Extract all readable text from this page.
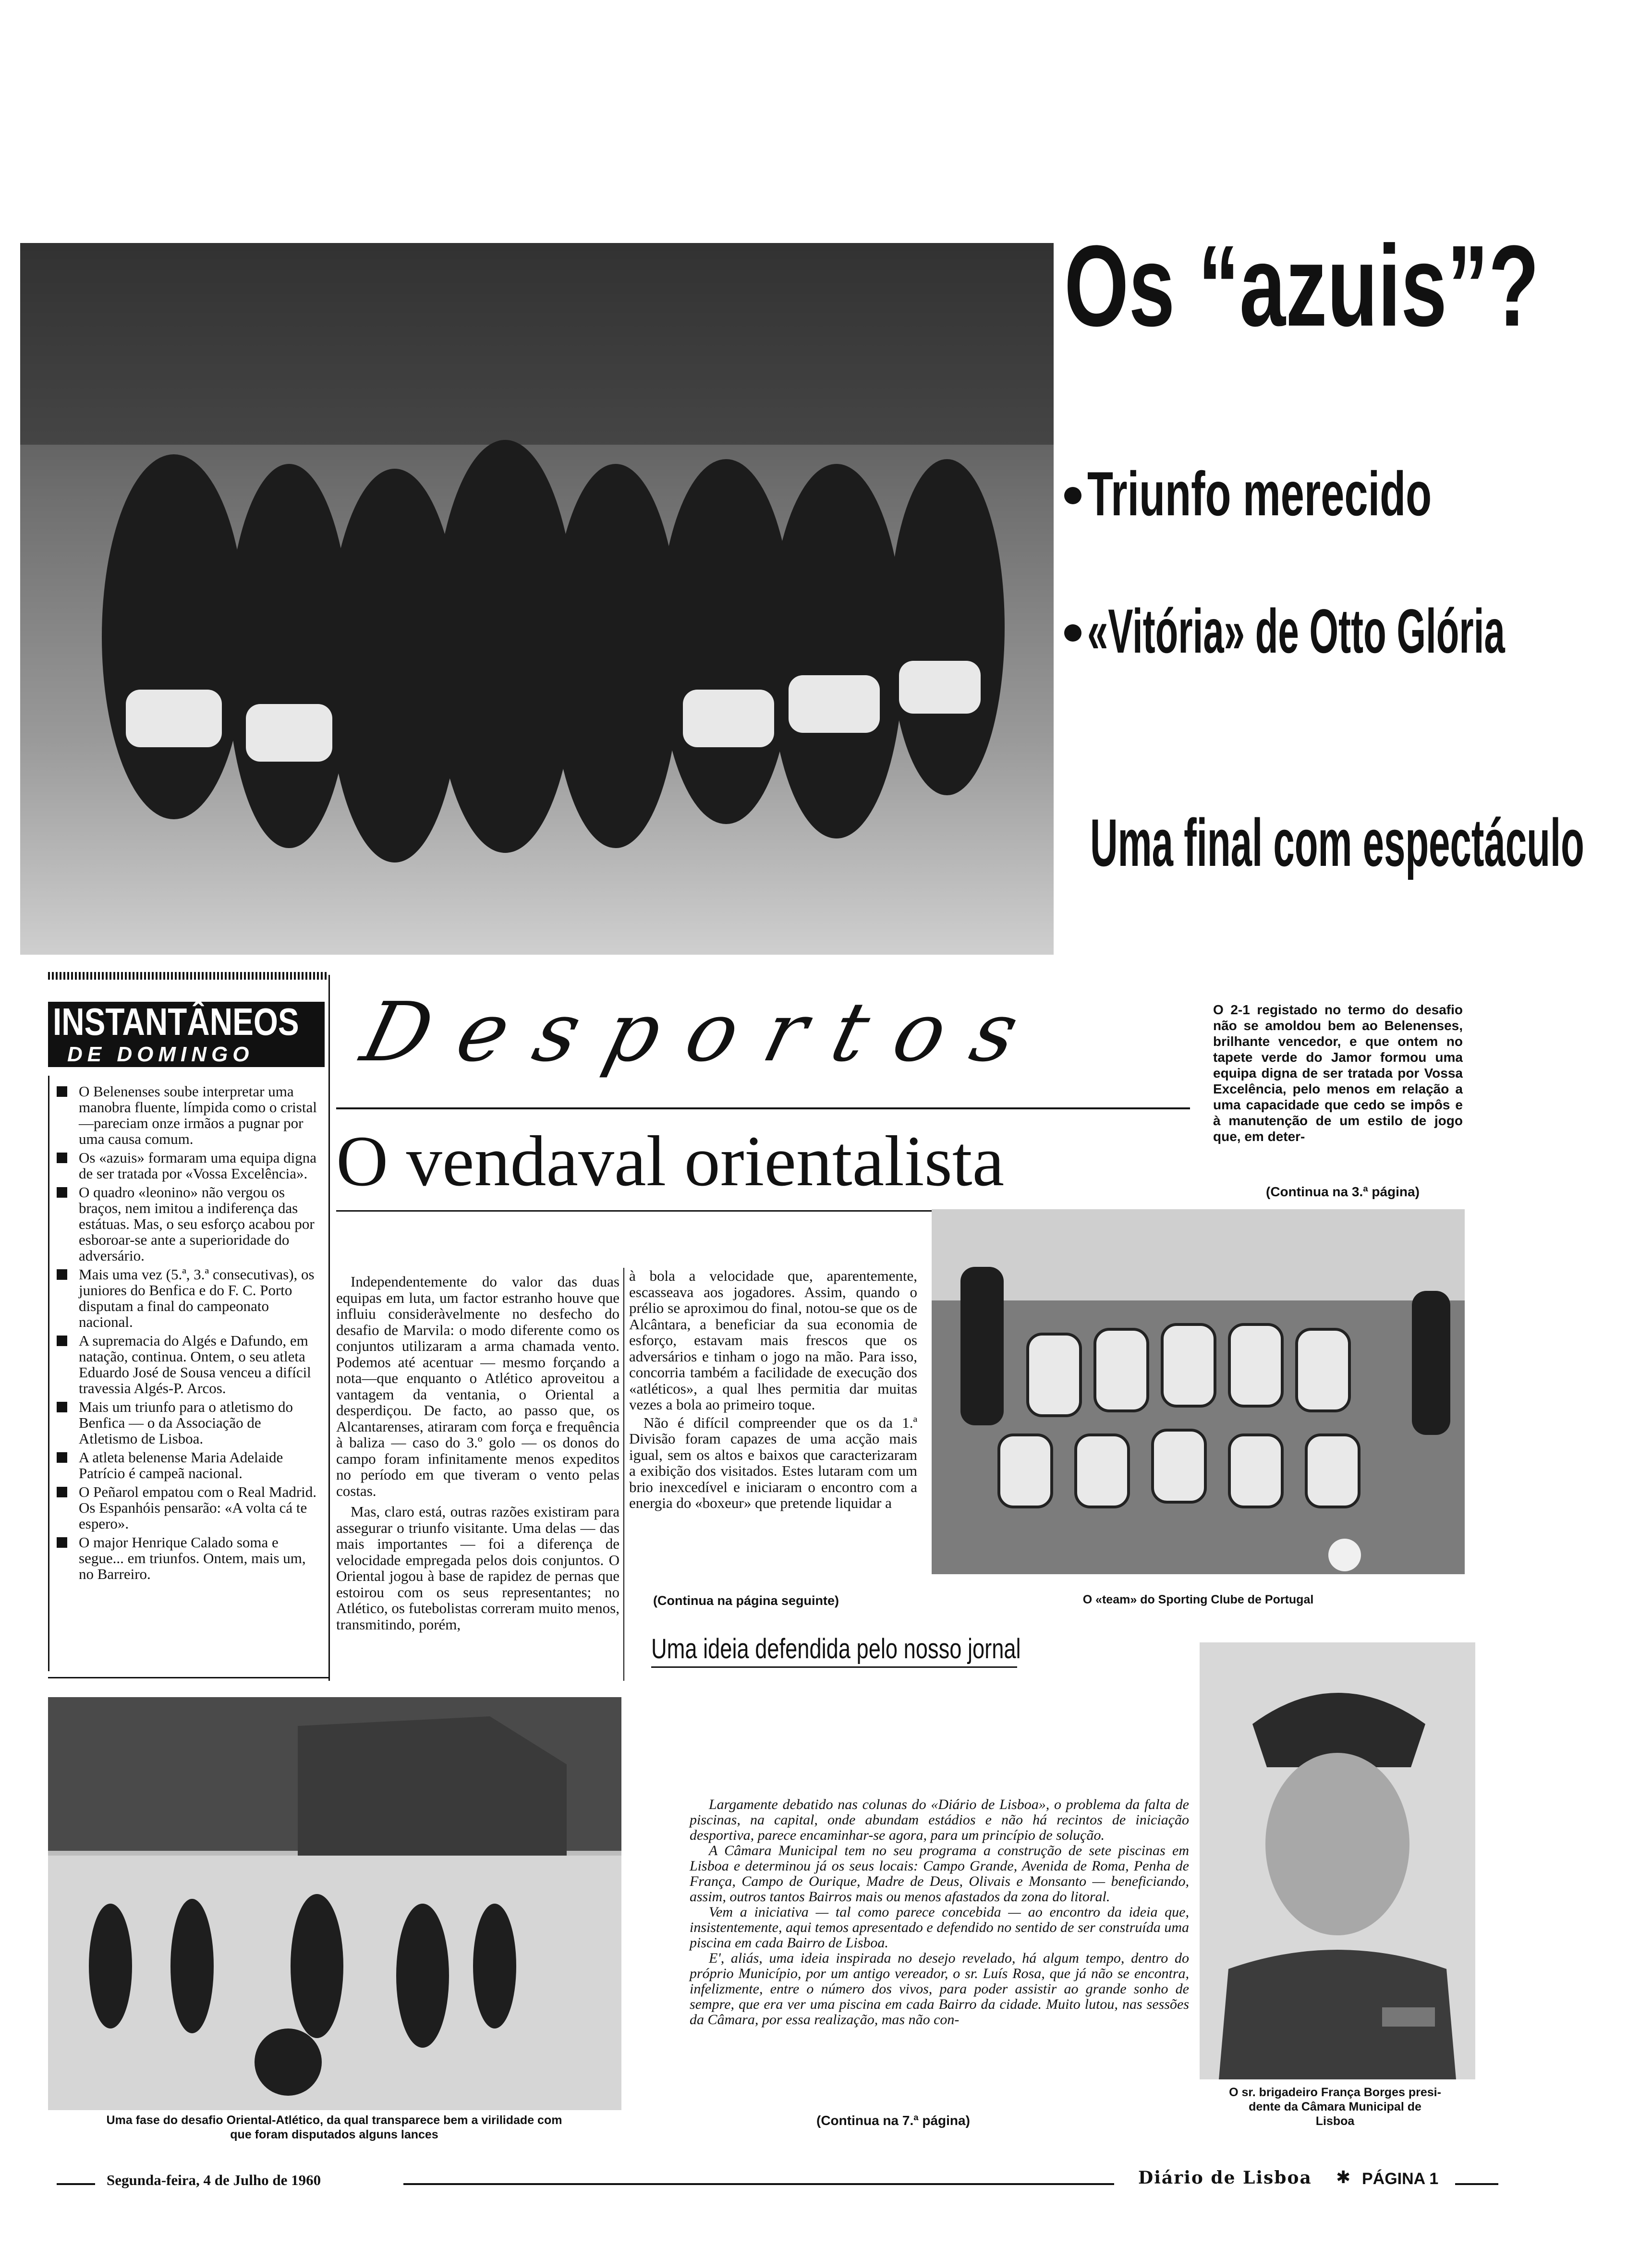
Os “azuis”?
Triunfo merecido
«Vitória» de Otto Glória
Uma final com espectáculo
INSTANTÂNEOS
DE DOMINGO
O Belenenses soube interpretar uma manobra fluente, límpida como o cristal—pareciam onze irmãos a pugnar por uma causa comum.
Os «azuis» formaram uma equipa digna de ser tratada por «Vossa Excelência».
O quadro «leonino» não vergou os braços, nem imitou a indiferença das estátuas. Mas, o seu esforço acabou por esboroar-se ante a superioridade do adversário.
Mais uma vez (5.ª, 3.ª consecutivas), os juniores do Benfica e do F. C. Porto disputam a final do campeonato nacional.
A supremacia do Algés e Dafundo, em natação, continua. Ontem, o seu atleta Eduardo José de Sousa venceu a difícil travessia Algés-P. Arcos.
Mais um triunfo para o atletismo do Benfica — o da Associação de Atletismo de Lisboa.
A atleta belenense Maria Adelaide Patrício é campeã nacional.
O Peñarol empatou com o Real Madrid. Os Espanhóis pensarão: «A volta cá te espero».
O major Henrique Calado soma e segue... em triunfos. Ontem, mais um, no Barreiro.
Desportos
O vendaval orientalista

Independentemente do valor das duas equipas em luta, um factor estranho houve que influiu consideràvelmente no desfecho do desafio de Marvila: o modo diferente como os conjuntos utilizaram a arma chamada vento. Podemos até acentuar — mesmo forçando a nota—que enquanto o Atlético aproveitou a vantagem da ventania, o Oriental a desperdiçou. De facto, ao passo que, os Alcantarenses, atiraram com força e frequência à baliza — caso do 3.º golo — os donos do campo foram infinitamente menos expeditos no período em que tiveram o vento pelas costas.

Mas, claro está, outras razões existiram para assegurar o triunfo visitante. Uma delas — das mais importantes — foi a diferença de velocidade empregada pelos dois conjuntos. O Oriental jogou à base de rapidez de pernas que estoirou com os seus representantes; no Atlético, os futebolistas correram muito menos, transmitindo, porém,

à bola a velocidade que, aparentemente, escasseava aos jogadores. Assim, quando o prélio se aproximou do final, notou-se que os de Alcântara, a beneficiar da sua economia de esforço, estavam mais frescos que os adversários e tinham o jogo na mão. Para isso, concorria também a facilidade de execução dos «atléticos», a qual lhes permitia dar muitas vezes a bola ao primeiro toque.

Não é difícil compreender que os da 1.ª Divisão foram capazes de uma acção mais igual, sem os altos e baixos que caracterizaram a exibição dos visitados. Estes lutaram com um brio inexcedível e iniciaram o encontro com a energia do «boxeur» que pretende liquidar a

(Continua na página seguinte)
O 2-1 registado no termo do desafio não se amoldou bem ao Belenenses, brilhante vencedor, e que ontem no tapete verde do Jamor formou uma equipa digna de ser tratada por Vossa Excelência, pelo menos em relação a uma capacidade que cedo se impôs e à manutenção de um estilo de jogo que, em deter-
(Continua na 3.ª página)
O «team» do Sporting Clube de Portugal
Uma ideia defendida pelo nosso jornal

Largamente debatido nas colunas do «Diário de Lisboa», o problema da falta de piscinas, na capital, onde abundam estádios e não há recintos de iniciação desportiva, parece encaminhar-se agora, para um princípio de solução.

A Câmara Municipal tem no seu programa a construção de sete piscinas em Lisboa e determinou já os seus locais: Campo Grande, Avenida de Roma, Penha de França, Campo de Ourique, Madre de Deus, Olivais e Monsanto — beneficiando, assim, outros tantos Bairros mais ou menos afastados da zona do litoral.

Vem a iniciativa — tal como parece concebida — ao encontro da ideia que, insistentemente, aqui temos apresentado e defendido no sentido de ser construída uma piscina em cada Bairro de Lisboa.

E', aliás, uma ideia inspirada no desejo revelado, há algum tempo, dentro do próprio Município, por um antigo vereador, o sr. Luís Rosa, que já não se encontra, infelizmente, entre o número dos vivos, para poder assistir ao grande sonho de sempre, que era ver uma piscina em cada Bairro da cidade. Muito lutou, nas sessões da Câmara, por essa realização, mas não con-

(Continua na 7.ª página)
Uma fase do desafio Oriental-Atlético, da qual transparece bem a virilidade com
que foram disputados alguns lances
O sr. brigadeiro França Borges presi-
dente da Câmara Municipal de
Lisboa
Segunda-feira, 4 de Julho de 1960	Diário de Lisboa ✱ PÁGINA 1
